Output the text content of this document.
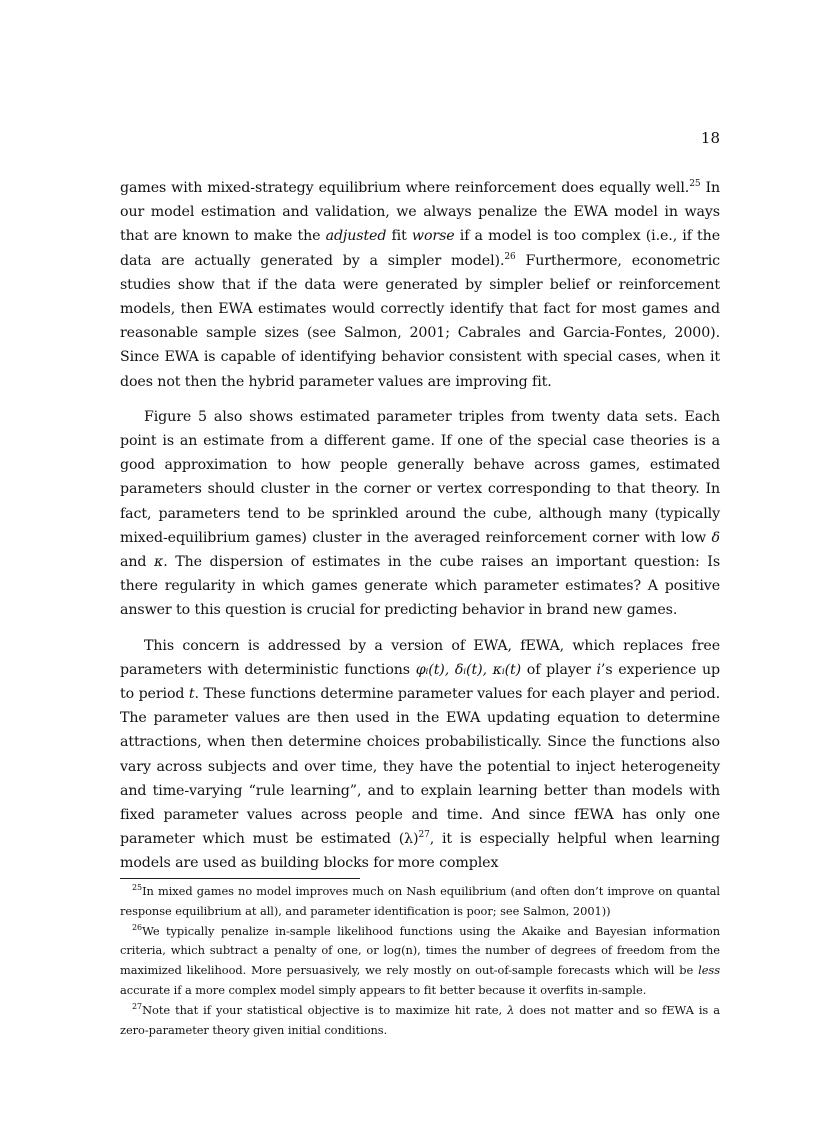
18

games with mixed-strategy equilibrium where reinforcement does equally well.$^{25}$ In our model estimation and validation, we always penalize the EWA model in ways that are known to make the adjusted fit worse if a model is too complex (i.e., if the data are actually generated by a simpler model).$^{26}$ Furthermore, econometric studies show that if the data were generated by simpler belief or reinforcement models, then EWA estimates would correctly identify that fact for most games and reasonable sample sizes (see Salmon, 2001; Cabrales and Garcia-Fontes, 2000). Since EWA is capable of identifying behavior consistent with special cases, when it does not then the hybrid parameter values are improving fit.

Figure 5 also shows estimated parameter triples from twenty data sets. Each point is an estimate from a different game. If one of the special case theories is a good approximation to how people generally behave across games, estimated parameters should cluster in the corner or vertex corresponding to that theory. In fact, parameters tend to be sprinkled around the cube, although many (typically mixed-equilibrium games) cluster in the averaged reinforcement corner with low δ and κ. The dispersion of estimates in the cube raises an important question: Is there regularity in which games generate which parameter estimates? A positive answer to this question is crucial for predicting behavior in brand new games.

This concern is addressed by a version of EWA, fEWA, which replaces free parameters with deterministic functions φᵢ(t), δᵢ(t), κᵢ(t) of player i’s experience up to period t. These functions determine parameter values for each player and period. The parameter values are then used in the EWA updating equation to determine attractions, when then determine choices probabilistically. Since the functions also vary across subjects and over time, they have the potential to inject heterogeneity and time-varying “rule learning”, and to explain learning better than models with fixed parameter values across people and time. And since fEWA has only one parameter which must be estimated $(\lambda)^{27}$, it is especially helpful when learning models are used as building blocks for more complex

$^{25}$In mixed games no model improves much on Nash equilibrium (and often don’t improve on quantal response equilibrium at all), and parameter identification is poor; see Salmon, 2001))

$^{26}$We typically penalize in-sample likelihood functions using the Akaike and Bayesian information criteria, which subtract a penalty of one, or log(n), times the number of degrees of freedom from the maximized likelihood. More persuasively, we rely mostly on out-of-sample forecasts which will be less accurate if a more complex model simply appears to fit better because it overfits in-sample.

$^{27}$Note that if your statistical objective is to maximize hit rate, λ does not matter and so fEWA is a zero-parameter theory given initial conditions.
